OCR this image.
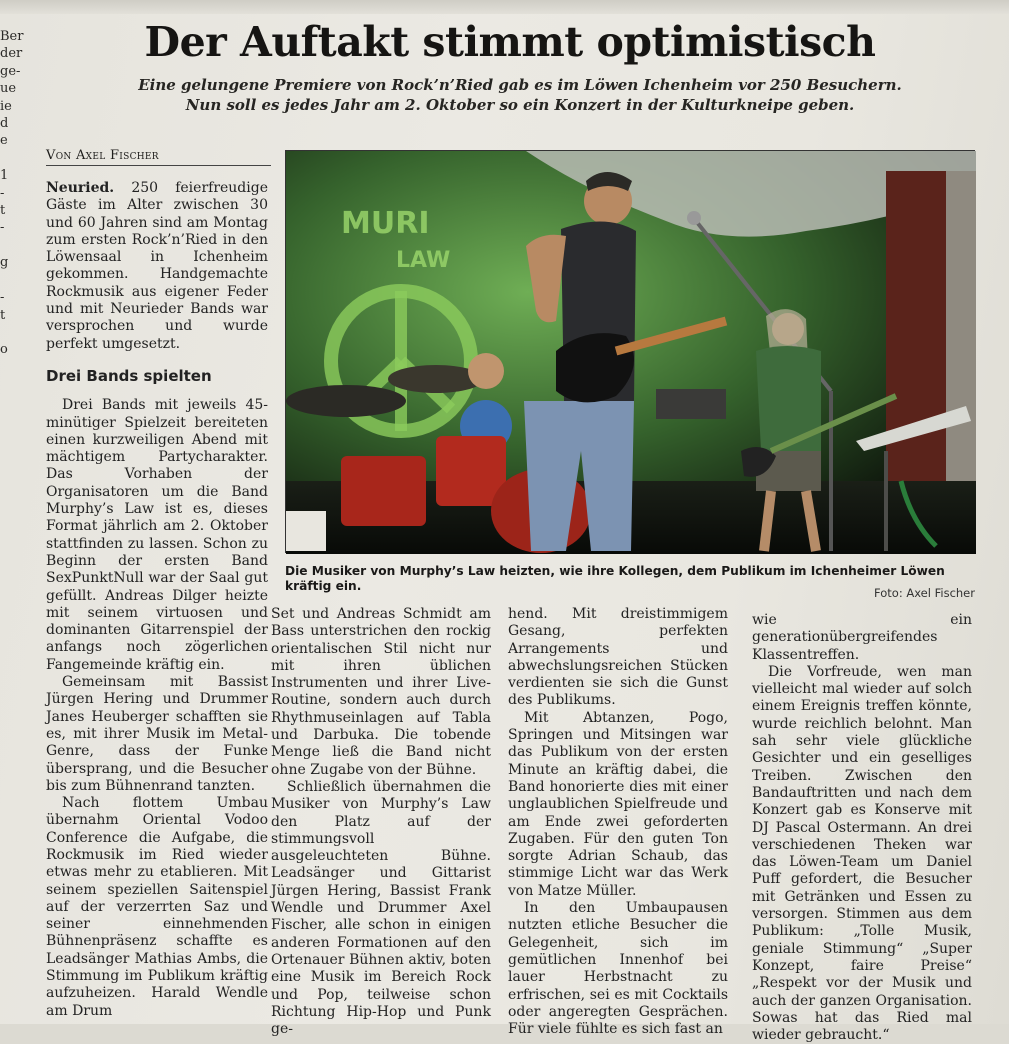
Ber
der
ge-
ue
ie
d
e

1
-
t
-

g

-
t

o
Der Auftakt stimmt optimistisch
Eine gelungene Premiere von Rock’n’Ried gab es im Löwen Ichenheim vor 250 Besuchern.
Nun soll es jedes Jahr am 2. Oktober so ein Konzert in der Kulturkneipe geben.
Von Axel Fischer

Neuried. 250 feierfreudige Gäste im Alter zwischen 30 und 60 Jahren sind am Montag zum ersten Rock’n’Ried in den Löwensaal in Ichenheim gekommen. Handgemachte Rockmusik aus eigener Feder und mit Neurieder Bands war versprochen und wurde perfekt umgesetzt.

Drei Bands spielten

Drei Bands mit jeweils 45-minütiger Spielzeit bereiteten einen kurzweiligen Abend mit mächtigem Partycharakter. Das Vorhaben der Organisatoren um die Band Murphy’s Law ist es, dieses Format jährlich am 2. Oktober stattfinden zu lassen. Schon zu Beginn der ersten Band SexPunktNull war der Saal gut gefüllt. Andreas Dilger heizte mit seinem virtuosen und dominanten Gitarrenspiel der anfangs noch zögerlichen Fangemeinde kräftig ein.

Gemeinsam mit Bassist Jürgen Hering und Drummer Janes Heuberger schafften sie es, mit ihrer Musik im Metal-Genre, dass der Funke übersprang, und die Besucher bis zum Bühnenrand tanzten.

Nach flottem Umbau übernahm Oriental Vodoo Conference die Aufgabe, die Rockmusik im Ried wieder etwas mehr zu etablieren. Mit seinem speziellen Saitenspiel auf der verzerrten Saz und seiner einnehmenden Bühnenpräsenz schaffte es Leadsänger Mathias Ambs, die Stimmung im Publikum kräftig aufzuheizen. Harald Wendle am Drum

MURI
LAW
Die Musiker von Murphy’s Law heizten, wie ihre Kollegen, dem Publikum im Ichenheimer Löwen kräftig ein.	Foto: Axel Fischer

Set und Andreas Schmidt am Bass unterstrichen den rockig orientalischen Stil nicht nur mit ihren üblichen Instrumenten und ihrer Live-Routine, sondern auch durch Rhythmuseinlagen auf Tabla und Darbuka. Die tobende Menge ließ die Band nicht ohne Zugabe von der Bühne.

Schließlich übernahmen die Musiker von Murphy’s Law den Platz auf der stimmungsvoll ausgeleuchteten Bühne. Leadsänger und Gittarist Jürgen Hering, Bassist Frank Wendle und Drummer Axel Fischer, alle schon in einigen anderen Formationen auf den Ortenauer Bühnen aktiv, boten eine Musik im Bereich Rock und Pop, teilweise schon Richtung Hip-Hop und Punk ge-

hend. Mit dreistimmigem Gesang, perfekten Arrangements und abwechslungsreichen Stücken verdienten sie sich die Gunst des Publikums.

Mit Abtanzen, Pogo, Springen und Mitsingen war das Publikum von der ersten Minute an kräftig dabei, die Band honorierte dies mit einer unglaublichen Spielfreude und am Ende zwei geforderten Zugaben. Für den guten Ton sorgte Adrian Schaub, das stimmige Licht war das Werk von Matze Müller.

In den Umbaupausen nutzten etliche Besucher die Gelegenheit, sich im gemütlichen Innenhof bei lauer Herbstnacht zu erfrischen, sei es mit Cocktails oder angeregten Gesprächen. Für viele fühlte es sich fast an

wie ein generationübergreifendes Klassentreffen.

Die Vorfreude, wen man vielleicht mal wieder auf solch einem Ereignis treffen könnte, wurde reichlich belohnt. Man sah sehr viele glückliche Gesichter und ein geselliges Treiben. Zwischen den Bandauftritten und nach dem Konzert gab es Konserve mit DJ Pascal Ostermann. An drei verschiedenen Theken war das Löwen-Team um Daniel Puff gefordert, die Besucher mit Getränken und Essen zu versorgen. Stimmen aus dem Publikum: „Tolle Musik, geniale Stimmung“ „Super Konzept, faire Preise“ „Respekt vor der Musik und auch der ganzen Organisation. Sowas hat das Ried mal wieder gebraucht.“
